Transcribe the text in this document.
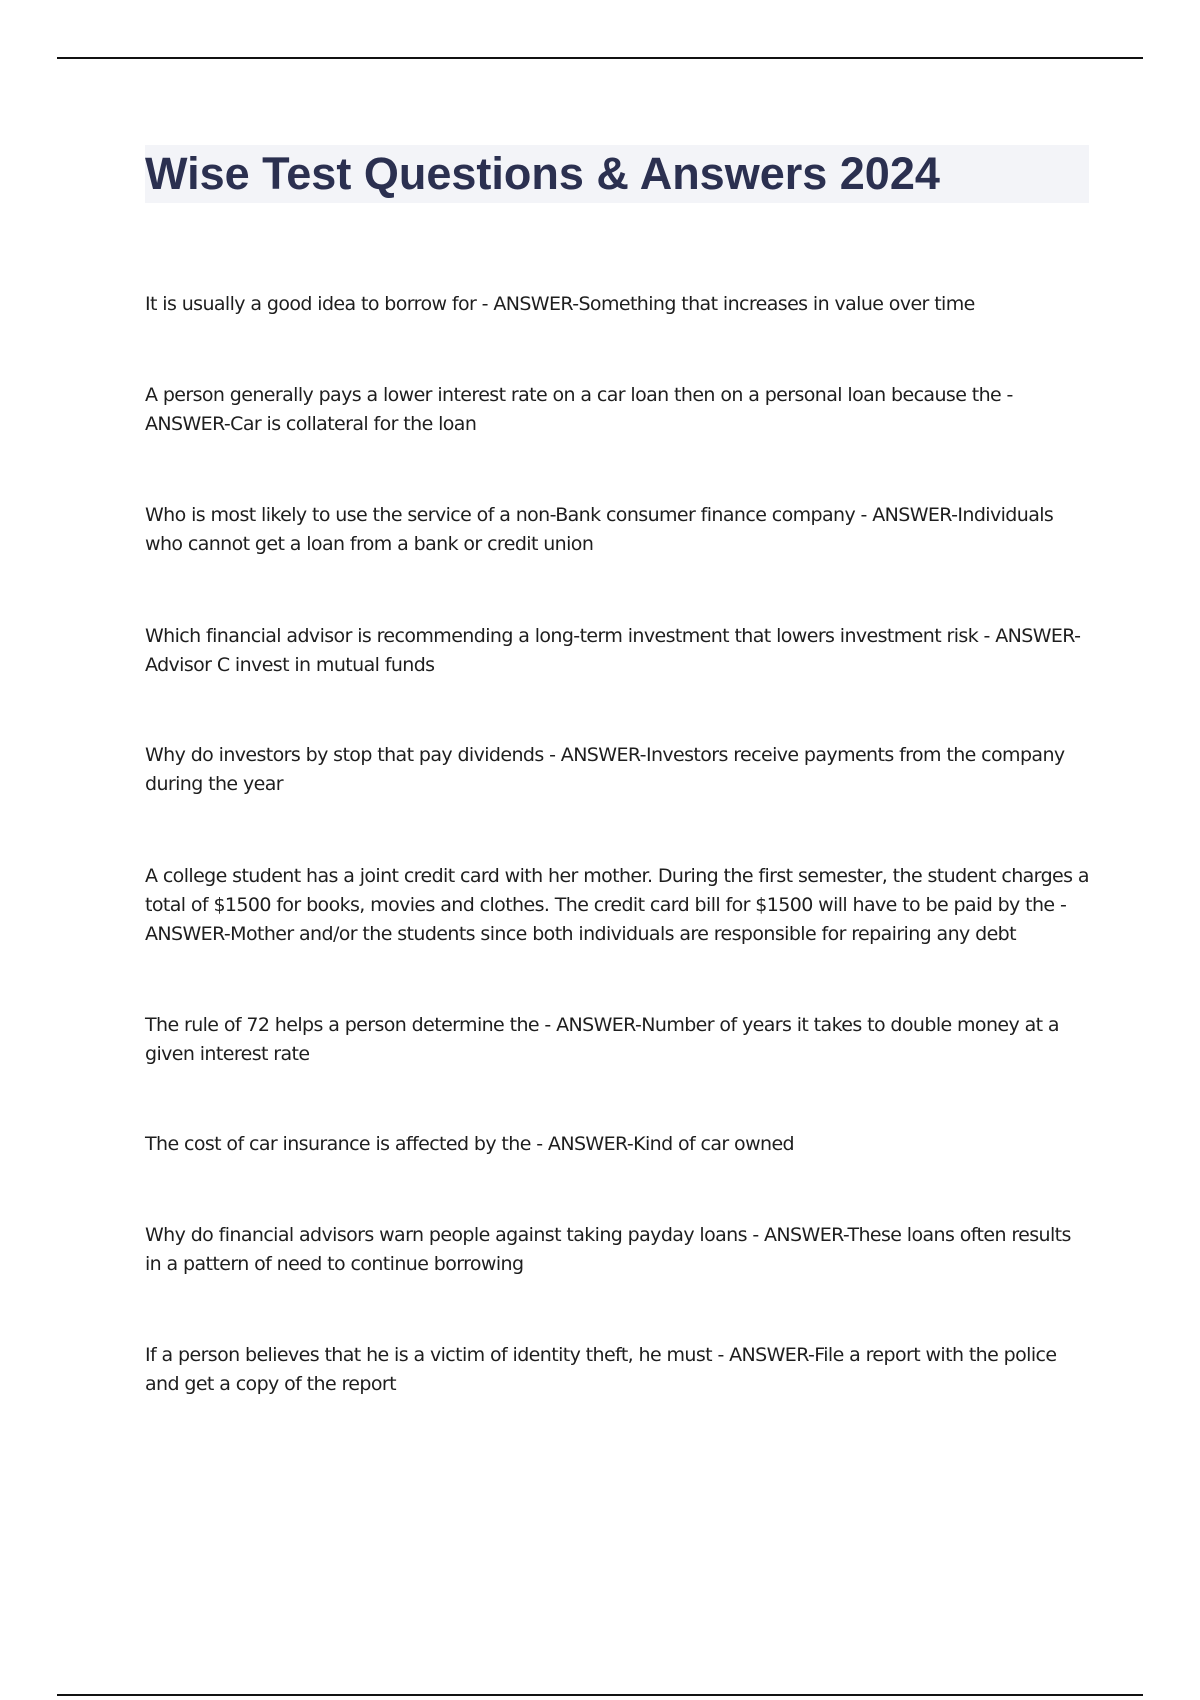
Wise Test Questions & Answers 2024
It is usually a good idea to borrow for - ANSWER-Something that increases in value over time
A person generally pays a lower interest rate on a car loan then on a personal loan because the - ANSWER-Car is collateral for the loan
Who is most likely to use the service of a non-Bank consumer finance company - ANSWER-Individuals who cannot get a loan from a bank or credit union
Which financial advisor is recommending a long-term investment that lowers investment risk - ANSWER-Advisor C invest in mutual funds
Why do investors by stop that pay dividends - ANSWER-Investors receive payments from the company during the year
A college student has a joint credit card with her mother. During the first semester, the student charges a total of $1500 for books, movies and clothes. The credit card bill for $1500 will have to be paid by the - ANSWER-Mother and/or the students since both individuals are responsible for repairing any debt
The rule of 72 helps a person determine the - ANSWER-Number of years it takes to double money at a given interest rate
The cost of car insurance is affected by the - ANSWER-Kind of car owned
Why do financial advisors warn people against taking payday loans - ANSWER-These loans often results in a pattern of need to continue borrowing
If a person believes that he is a victim of identity theft, he must - ANSWER-File a report with the police and get a copy of the report
